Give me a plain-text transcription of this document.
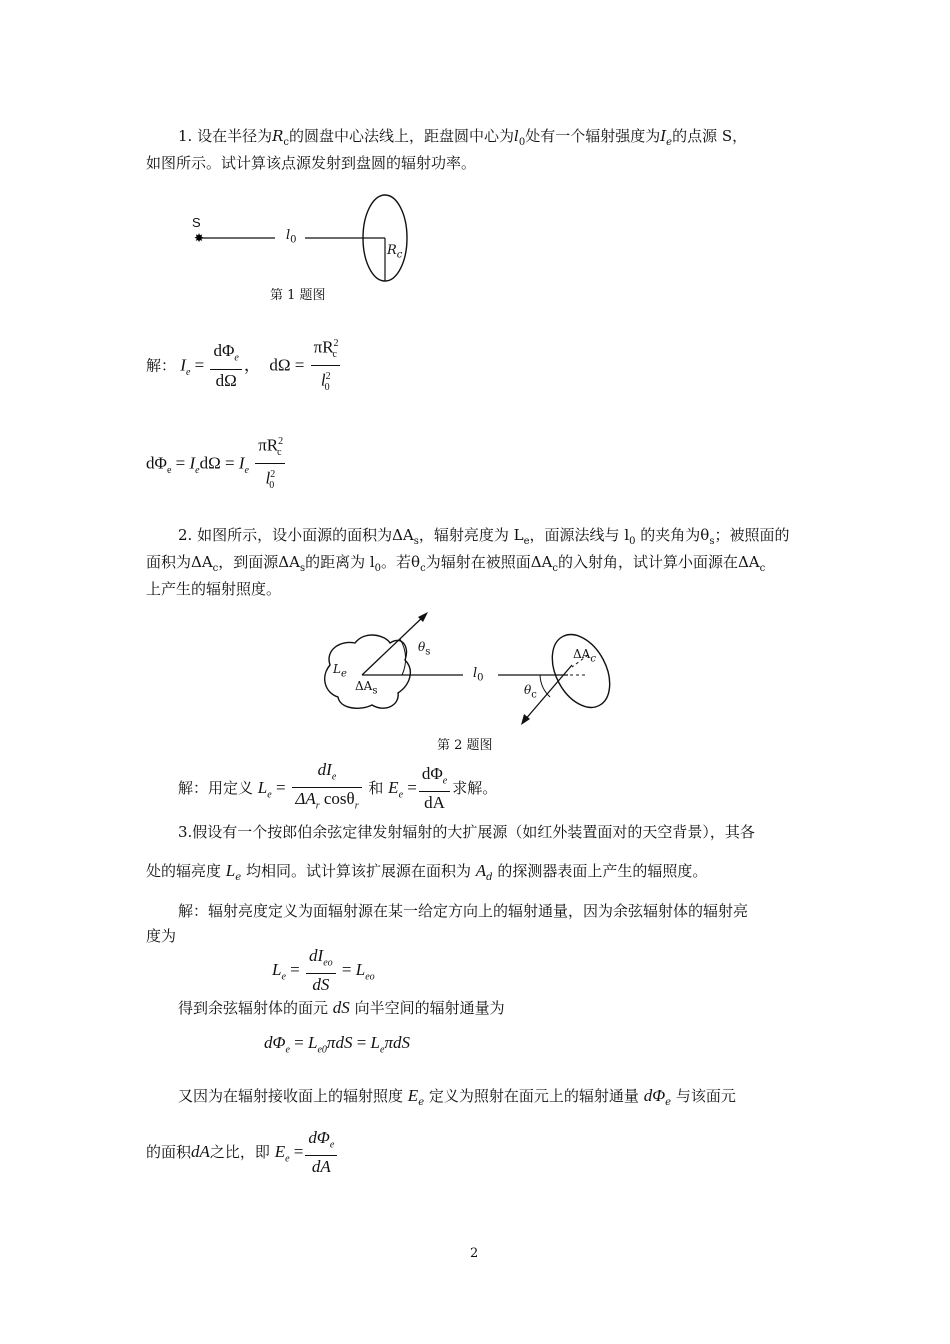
1. 设在半径为$R_c$的圆盘中心法线上，距盘圆中心为$l_0$处有一个辐射强度为$I_e$的点源 S，
如图所示。试计算该点源发射到盘圆的辐射功率。
✸
S
$l_0$
$R_c$
第 1 题图
解： $I_e = \frac{d\Phi_e}{d\Omega}$ ， $d\Omega = \frac{\pi R^2_c}{l^2_0}$
$d\Phi_e = I_ed\Omega = I_e \frac{\pi R^2_c}{l^2_0}$
2. 如图所示，设小面源的面积为$\Delta A_s$，辐射亮度为 $L_e$，面源法线与 $l_0$ 的夹角为$\theta_s$；被照面的
面积为$\Delta A_c$，到面源$\Delta A_s$的距离为 $l_0$。若$\theta_c$为辐射在被照面$\Delta A_c$的入射角，试计算小面源在$\Delta A_c$
上产生的辐射照度。
$\theta_s$
$L_e$
$\Delta A_s$
$l_0$
$\Delta A_c$
$\theta_c$
第 2 题图
解：用定义 $L_e = \frac{dI_e}{\Delta A_r \cos\theta_r}$ 和 $E_e = \frac{d\Phi_e}{dA}$ 求解。
3.假设有一个按郎伯余弦定律发射辐射的大扩展源（如红外装置面对的天空背景），其各
处的辐亮度 $L_e$ 均相同。试计算该扩展源在面积为 $A_d$ 的探测器表面上产生的辐照度。
解：辐射亮度定义为面辐射源在某一给定方向上的辐射通量，因为余弦辐射体的辐射亮
度为
$L_e = \frac{dI_{eo}}{dS} = L_{eo}$
得到余弦辐射体的面元 dS 向半空间的辐射通量为
$d\Phi_e = L_{e0}\pi dS = L_e\pi dS$
又因为在辐射接收面上的辐射照度 $E_e$ 定义为照射在面元上的辐射通量 $d\Phi_e$ 与该面元
的面积dA之比，即 $E_e = \frac{d\Phi_e}{dA}$
2
